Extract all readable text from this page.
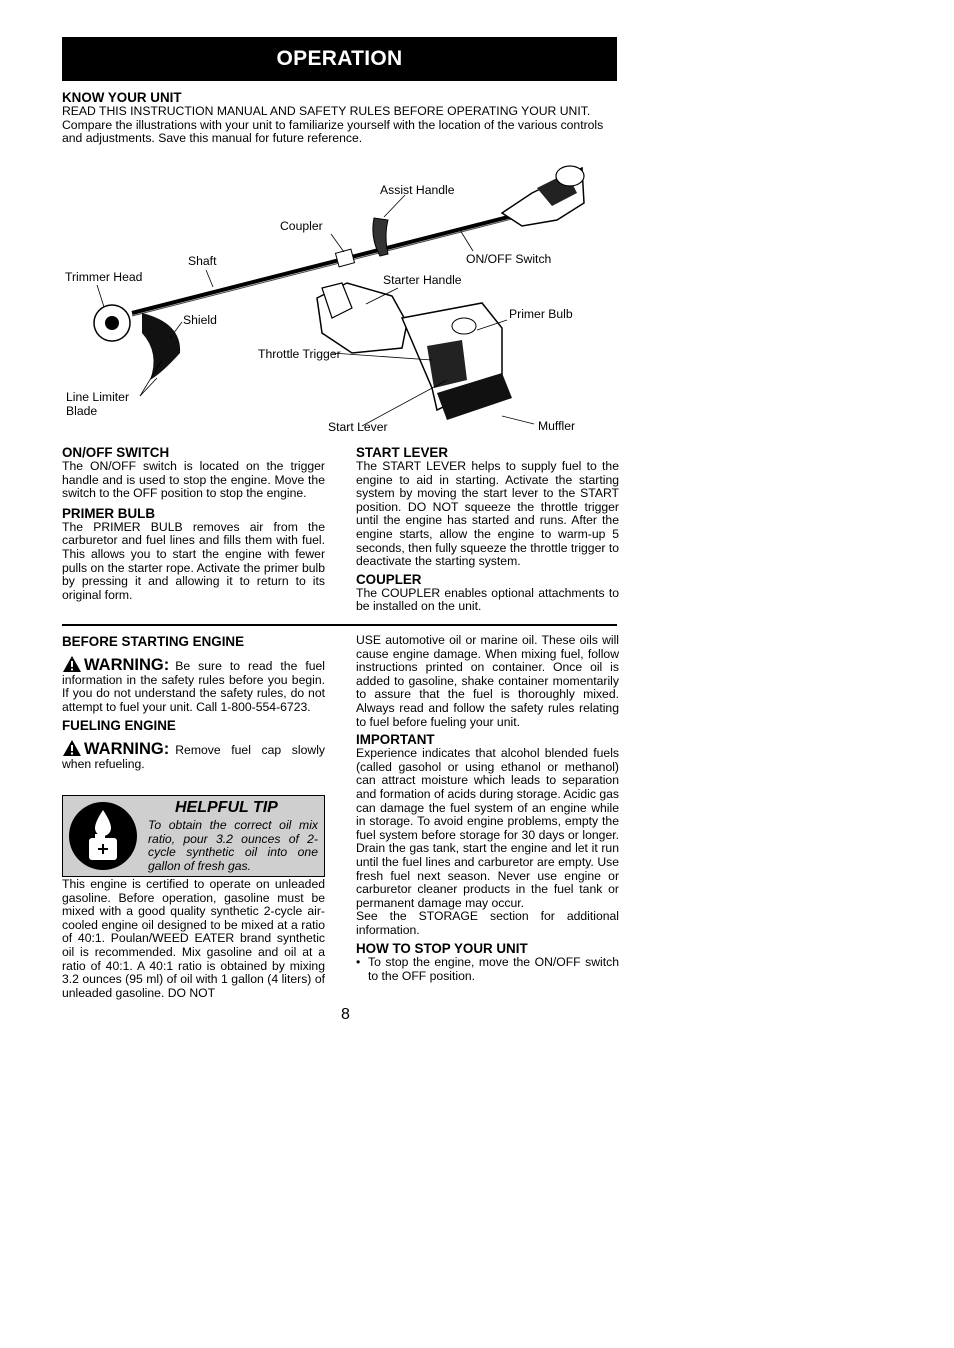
OPERATION

KNOW YOUR UNIT

READ THIS INSTRUCTION MANUAL AND SAFETY RULES BEFORE OPERATING YOUR UNIT.

Compare the illustrations with your unit to familiarize yourself with the location of the various controls and adjustments. Save this manual for future reference.

Assist Handle
Coupler
ON/OFF Switch
Shaft
Trimmer Head	Starter Handle
Primer Bulb
Shield
Throttle Trigger
Line Limiter
Blade
Start Lever	Muffler

ON/OFF SWITCH

The ON/OFF switch is located on the trigger handle and is used to stop the engine. Move the switch to the OFF position to stop the engine.

PRIMER BULB

The PRIMER BULB removes air from the carburetor and fuel lines and fills them with fuel. This allows you to start the engine with fewer pulls on the starter rope. Activate the primer bulb by pressing it and allowing it to return to its original form.

START LEVER

The START LEVER helps to supply fuel to the engine to aid in starting. Activate the starting system by moving the start lever to the START position. DO NOT squeeze the throttle trigger until the engine has started and runs. After the engine starts, allow the engine to warm-up 5 seconds, then fully squeeze the throttle trigger to deactivate the starting system.

COUPLER

The COUPLER enables optional attachments to be installed on the unit.

BEFORE STARTING ENGINE

WARNING: Be sure to read the fuel information in the safety rules before you begin. If you do not understand the safety rules, do not attempt to fuel your unit. Call 1-800-554-6723.

FUELING ENGINE

WARNING: Remove fuel cap slowly when refueling.

HELPFUL TIP

To obtain the correct oil mix ratio, pour 3.2 ounces of 2-cycle synthetic oil into one gallon of fresh gas.

This engine is certified to operate on unleaded gasoline. Before operation, gasoline must be mixed with a good quality synthetic 2-cycle air-cooled engine oil designed to be mixed at a ratio of 40:1. Poulan/WEED EATER brand synthetic oil is recommended. Mix gasoline and oil at a ratio of 40:1. A 40:1 ratio is obtained by mixing 3.2 ounces (95 ml) of oil with 1 gallon (4 liters) of unleaded gasoline. DO NOT

USE automotive oil or marine oil. These oils will cause engine damage. When mixing fuel, follow instructions printed on container. Once oil is added to gasoline, shake container momentarily to assure that the fuel is thoroughly mixed. Always read and follow the safety rules relating to fuel before fueling your unit.

IMPORTANT

Experience indicates that alcohol blended fuels (called gasohol or using ethanol or methanol) can attract moisture which leads to separation and formation of acids during storage. Acidic gas can damage the fuel system of an engine while in storage. To avoid engine problems, empty the fuel system before storage for 30 days or longer. Drain the gas tank, start the engine and let it run until the fuel lines and carburetor are empty. Use fresh fuel next season. Never use engine or carburetor cleaner products in the fuel tank or permanent damage may occur.

See the STORAGE section for additional information.

HOW TO STOP YOUR UNIT

• To stop the engine, move the ON/OFF switch to the OFF position.
8
